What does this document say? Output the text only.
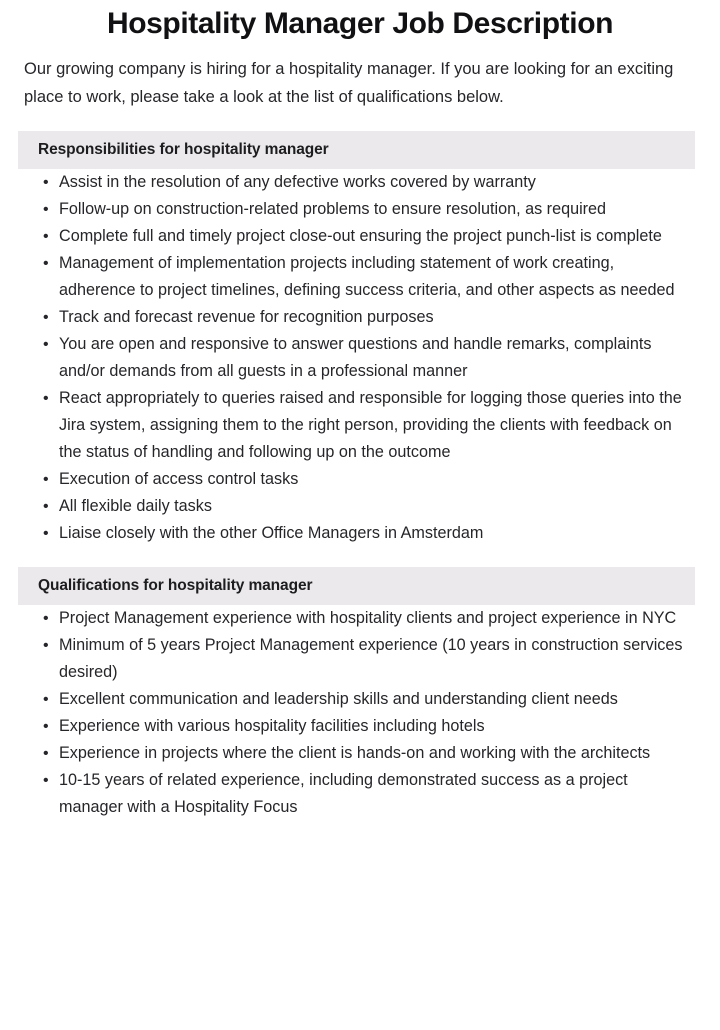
Hospitality Manager Job Description

Our growing company is hiring for a hospitality manager. If you are looking for an exciting place to work, please take a look at the list of qualifications below.

Responsibilities for hospitality manager
• Assist in the resolution of any defective works covered by warranty
• Follow-up on construction-related problems to ensure resolution, as required
• Complete full and timely project close-out ensuring the project punch-list is complete
• Management of implementation projects including statement of work creating, adherence to project timelines, defining success criteria, and other aspects as needed
• Track and forecast revenue for recognition purposes
• You are open and responsive to answer questions and handle remarks, complaints and/or demands from all guests in a professional manner
• React appropriately to queries raised and responsible for logging those queries into the Jira system, assigning them to the right person, providing the clients with feedback on the status of handling and following up on the outcome
• Execution of access control tasks
• All flexible daily tasks
• Liaise closely with the other Office Managers in Amsterdam
Qualifications for hospitality manager
• Project Management experience with hospitality clients and project experience in NYC
• Minimum of 5 years Project Management experience (10 years in construction services desired)
• Excellent communication and leadership skills and understanding client needs
• Experience with various hospitality facilities including hotels
• Experience in projects where the client is hands-on and working with the architects
• 10-15 years of related experience, including demonstrated success as a project manager with a Hospitality Focus
